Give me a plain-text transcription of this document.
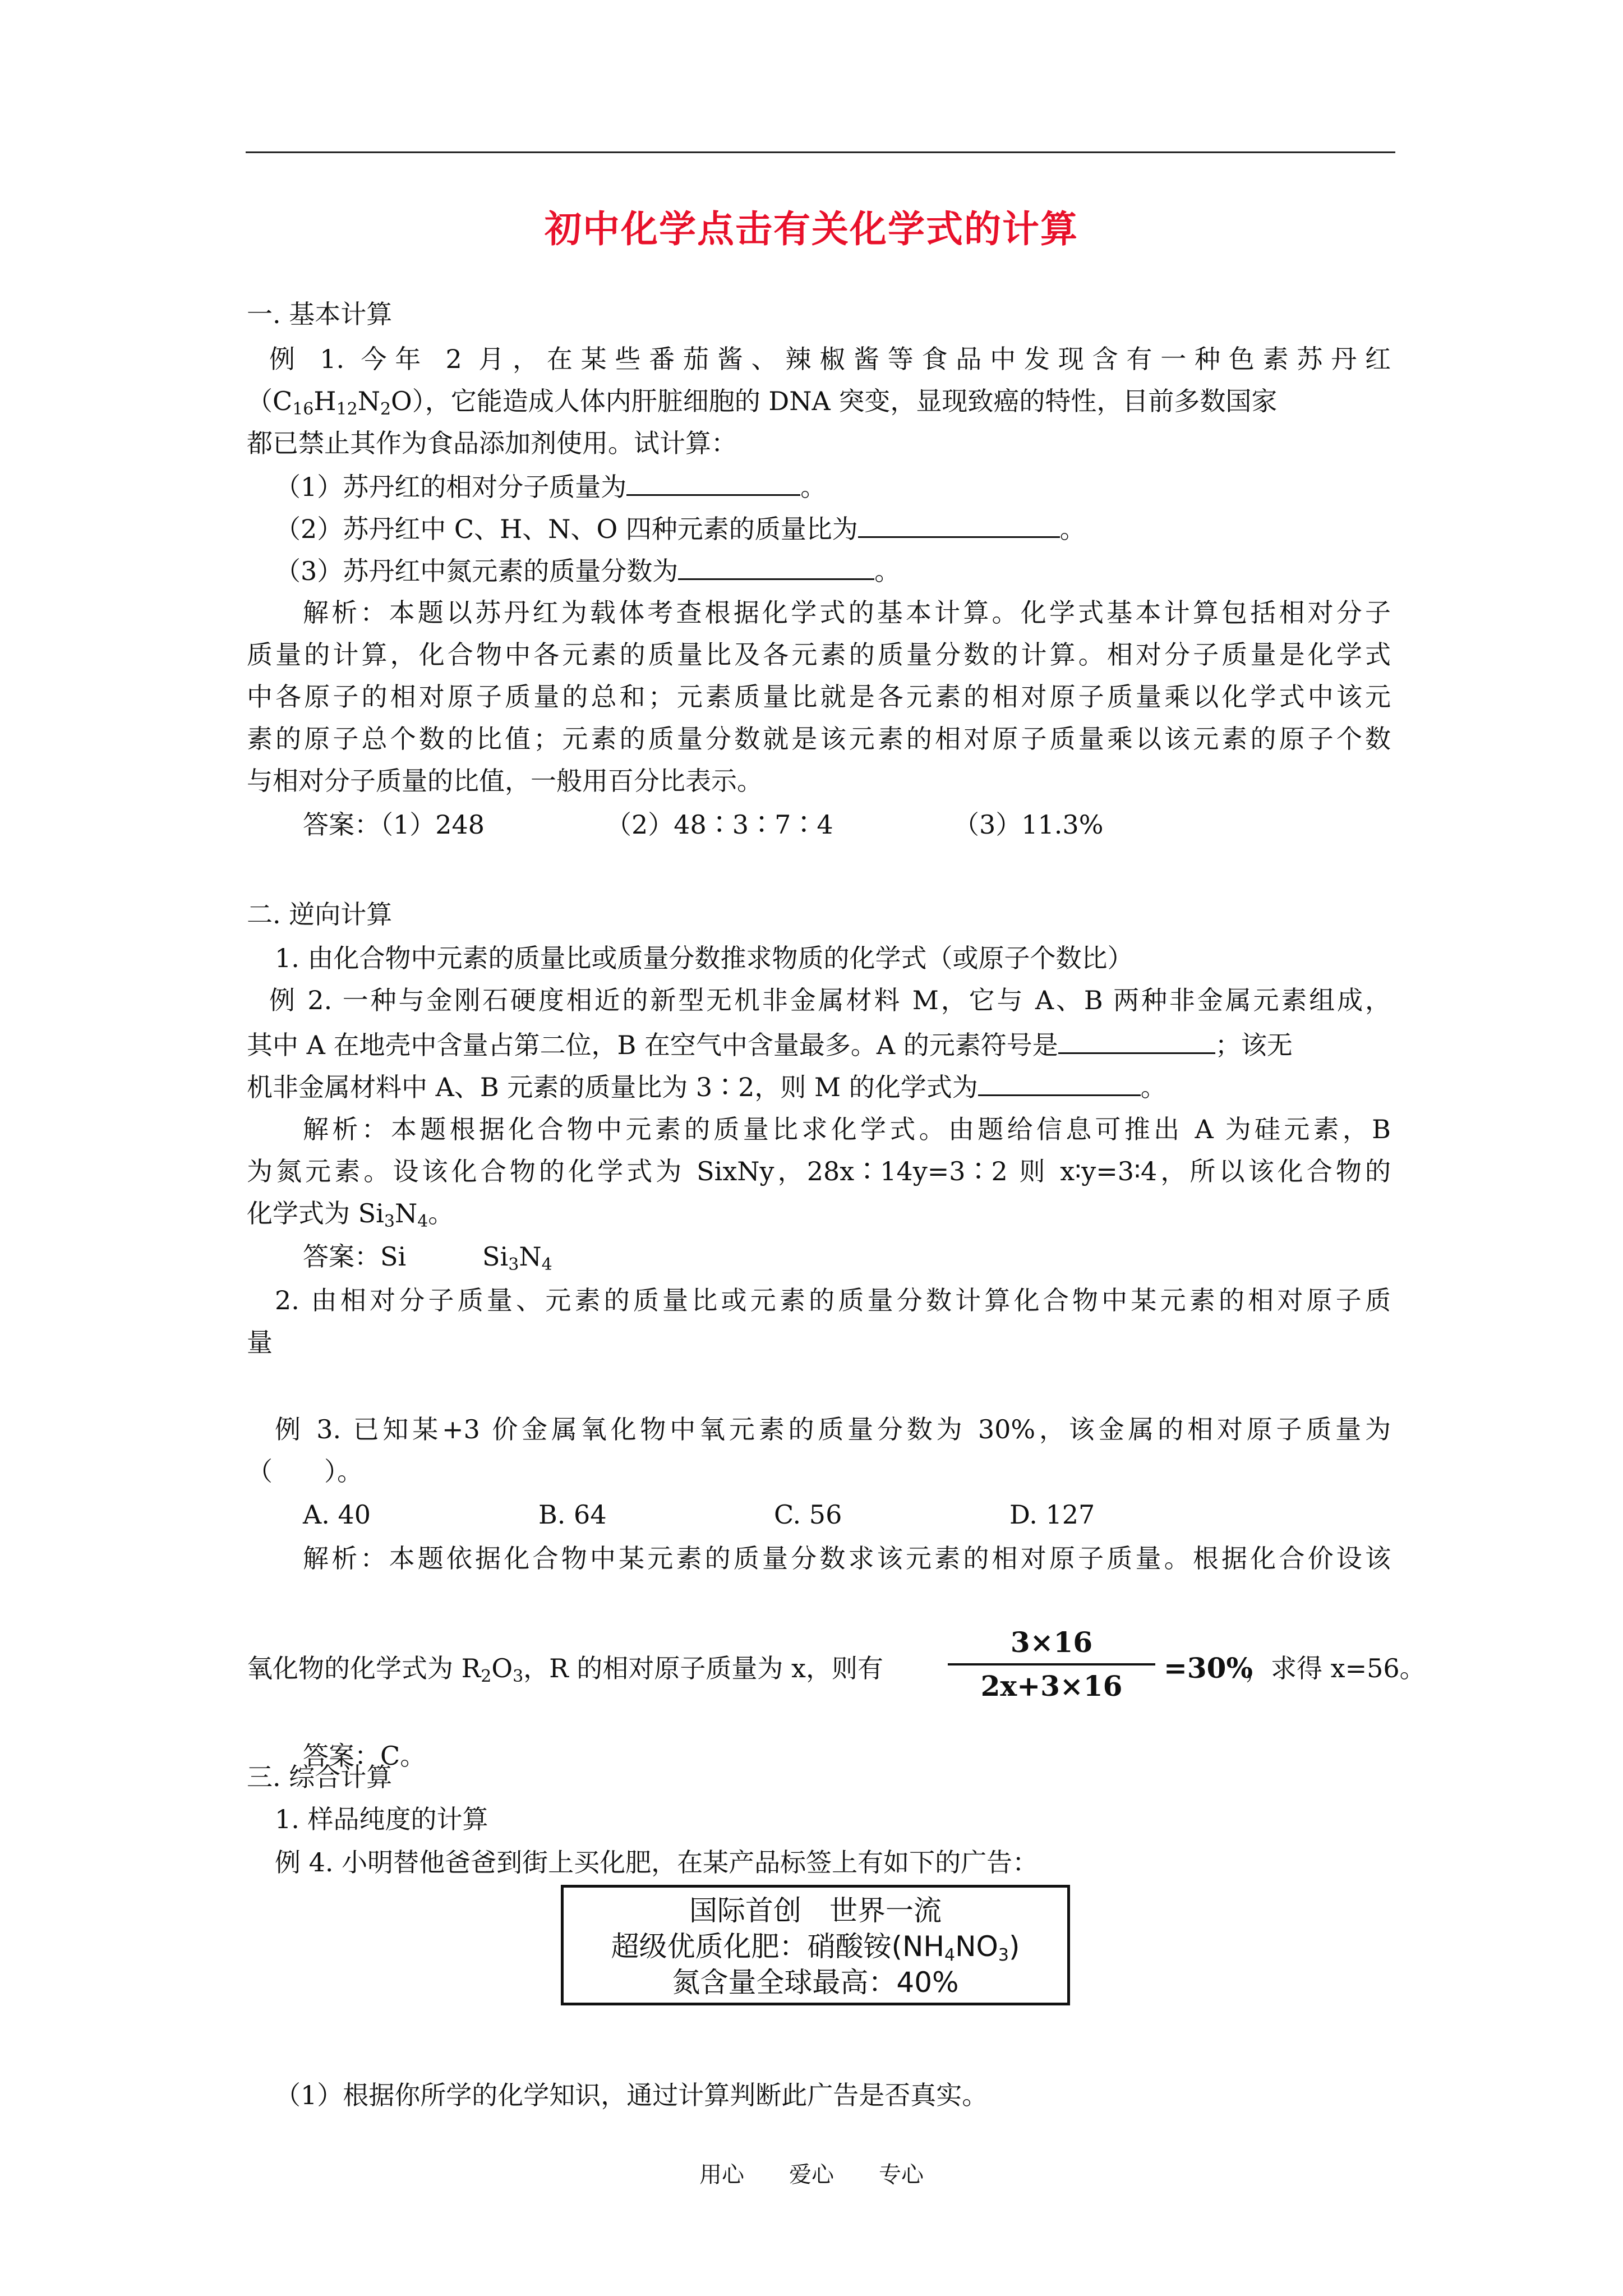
初中化学点击有关化学式的计算
一. 基本计算
例 1. 今年 2 月，在某些番茄酱、辣椒酱等食品中发现含有一种色素苏丹红
$(C_{16}H_{12}N_2O)$，它能造成人体内肝脏细胞的 DNA 突变，显现致癌的特性，目前多数国家
都已禁止其作为食品添加剂使用。试计算：
（1）苏丹红的相对分子质量为	。
（2）苏丹红中 C、H、N、O 四种元素的质量比为	。
（3）苏丹红中氮元素的质量分数为	。
解析：本题以苏丹红为载体考查根据化学式的基本计算。化学式基本计算包括相对分子
质量的计算，化合物中各元素的质量比及各元素的质量分数的计算。相对分子质量是化学式
中各原子的相对原子质量的总和；元素质量比就是各元素的相对原子质量乘以化学式中该元
素的原子总个数的比值；元素的质量分数就是该元素的相对原子质量乘以该元素的原子个数
与相对分子质量的比值，一般用百分比表示。
答案：（1）248	（2）48∶3∶7∶4	（3）11.3%
二. 逆向计算
1. 由化合物中元素的质量比或质量分数推求物质的化学式（或原子个数比）
例 2. 一种与金刚石硬度相近的新型无机非金属材料 M，它与 A、B 两种非金属元素组成，
其中 A 在地壳中含量占第二位，B 在空气中含量最多。A 的元素符号是	；该无
机非金属材料中 A、B 元素的质量比为 3∶2，则 M 的化学式为	。
解析：本题根据化合物中元素的质量比求化学式。由题给信息可推出 A 为硅元素，B
为氮元素。设该化合物的化学式为 SixNy，28x∶14y=3∶2 则 x∶y=3∶4，所以该化合物的
化学式为 $Si_3N_4$。
答案：Si	$Si_3N_4$
2. 由相对分子质量、元素的质量比或元素的质量分数计算化合物中某元素的相对原子质
量
例 3. 已知某+3 价金属氧化物中氧元素的质量分数为 30%，该金属的相对原子质量为
（　　）。
A. 40	B. 64	C. 56	D. 127
解析：本题依据化合物中某元素的质量分数求该元素的相对原子质量。根据化合价设该
氧化物的化学式为 $R_2O_3$，R 的相对原子质量为 x，则有
3×16
2x+3×16
=30%
，求得 x=56。
答案：C。
三. 综合计算
1. 样品纯度的计算
例 4. 小明替他爸爸到街上买化肥，在某产品标签上有如下的广告：
国际首创　世界一流
超级优质化肥：硝酸铵$(NH_4NO_3)$
氮含量全球最高：40%
（1）根据你所学的化学知识，通过计算判断此广告是否真实。
用心　　爱心　　专心
